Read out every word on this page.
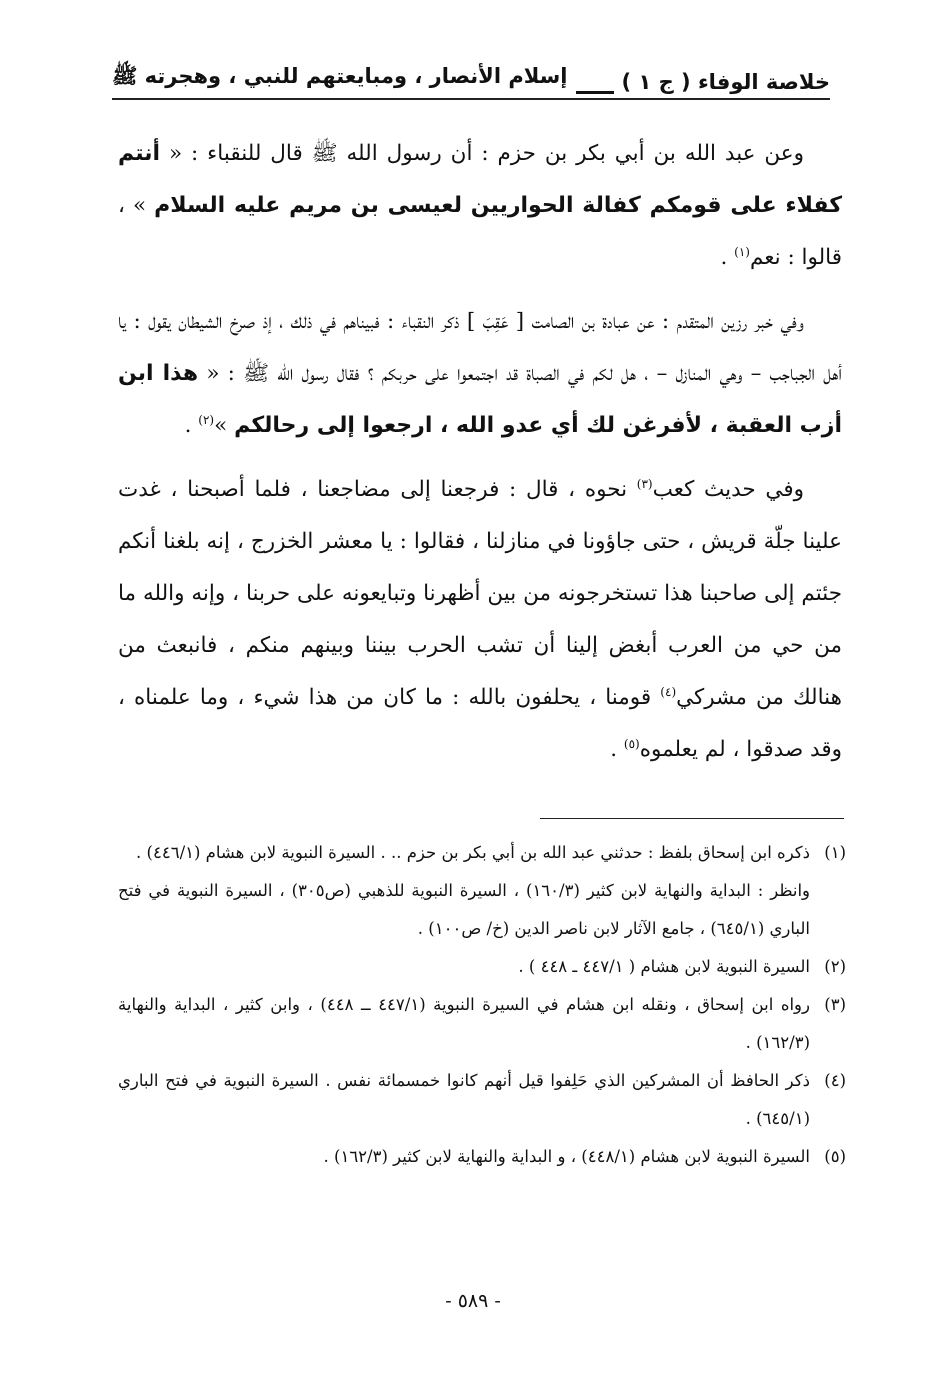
خلاصة الوفاء ( ج ١ )
إسلام الأنصار ، ومبايعتهم للنبي ، وهجرته ﷺ

وعن عبد الله بن أبي بكر بن حزم : أن رسول الله ﷺ قال للنقباء : « أنتم كفلاء على قومكم كفالة الحواريين لعيسى بن مريم عليه السلام » ، قالوا : نعم$^{(١)}$ .

وفي خبر رزين المتقدم : عن عبادة بن الصامت [ عَقِبَ ] ذكر النقباء : فبيناهم في ذلك ، إذ صرخ الشيطان يقول : يا أهل الجباجب – وهي المنازل – ، هل لكم في الصباة قد اجتمعوا على حربكم ؟ فقال رسول الله ﷺ : « هذا ابن أزب العقبة ، لأفرغن لك أي عدو الله ، ارجعوا إلى رحالكم »$^{(٢)}$ .

وفي حديث كعب$^{(٣)}$ نحوه ، قال : فرجعنا إلى مضاجعنا ، فلما أصبحنا ، غدت علينا جلّة قريش ، حتى جاؤونا في منازلنا ، فقالوا : يا معشر الخزرج ، إنه بلغنا أنكم جئتم إلى صاحبنا هذا تستخرجونه من بين أظهرنا وتبايعونه على حربنا ، وإنه والله ما من حي من العرب أبغض إلينا أن تشب الحرب بيننا وبينهم منكم ، فانبعث من هنالك من مشركي$^{(٤)}$ قومنا ، يحلفون بالله : ما كان من هذا شيء ، وما علمناه ، وقد صدقوا ، لم يعلموه$^{(٥)}$ .

(١)
ذكره ابن إسحاق بلفظ : حدثني عبد الله بن أبي بكر بن حزم .. . السيرة النبوية لابن هشام (٤٤٦/١) .
وانظر : البداية والنهاية لابن كثير (١٦٠/٣) ، السيرة النبوية للذهبي (ص٣٠٥) ، السيرة النبوية في فتح الباري (٦٤٥/١) ، جامع الآثار لابن ناصر الدين (خ/ ص١٠٠) .
(٢)
السيرة النبوية لابن هشام ( ٤٤٧/١ ـ ٤٤٨ ) .
(٣)
رواه ابن إسحاق ، ونقله ابن هشام في السيرة النبوية (٤٤٧/١ ــ ٤٤٨) ، وابن كثير ، البداية والنهاية (١٦٢/٣) .
(٤)
ذكر الحافظ أن المشركين الذي حَلِفوا قيل أنهم كانوا خمسمائة نفس . السيرة النبوية في فتح الباري (٦٤٥/١) .
(٥)
السيرة النبوية لابن هشام (٤٤٨/١) ، و البداية والنهاية لابن كثير (١٦٢/٣) .
- ٥٨٩ -
